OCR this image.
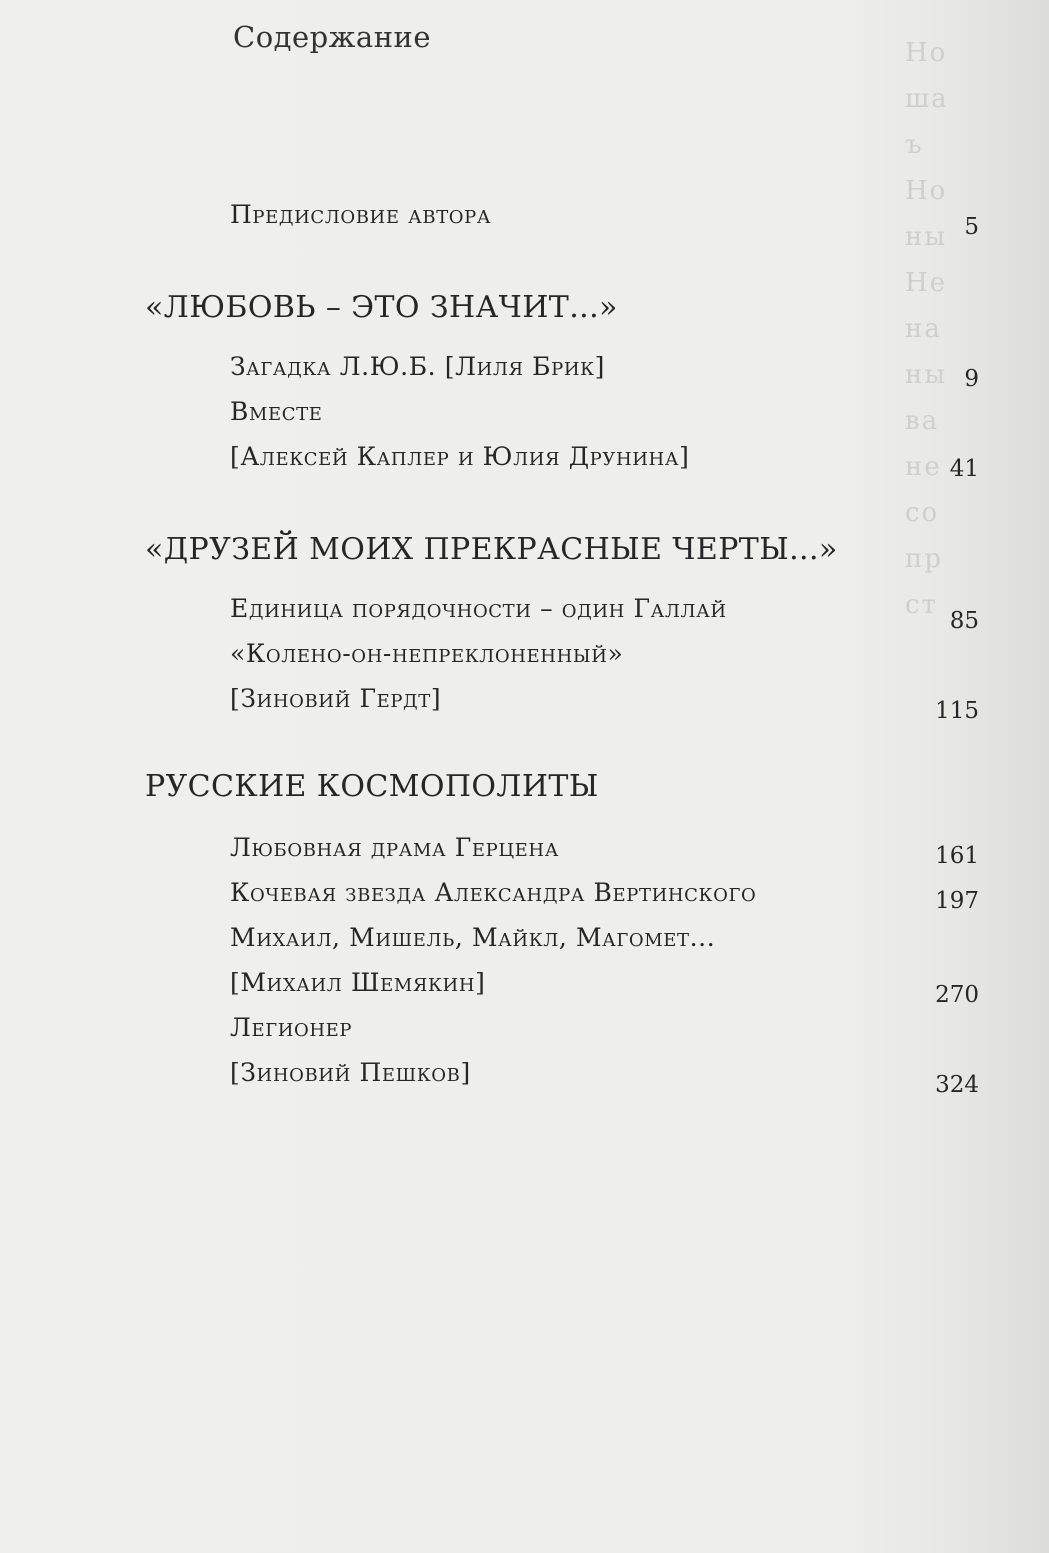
Но
ша
ъ
Но
ны
Не
на
ны
ва
не
со
пр
ст
Содержание
Предисловие автора	5
«ЛЮБОВЬ – ЭТО ЗНАЧИТ...»
Загадка Л.Ю.Б. [Лиля Брик]	9
Вместе
[Алексей Каплер и Юлия Друнина]	41
«ДРУЗЕЙ МОИХ ПРЕКРАСНЫЕ ЧЕРТЫ...»
Единица порядочности – один Галлай	85
«Колено-он-непреклоненный»
[Зиновий Гердт]	115
РУССКИЕ КОСМОПОЛИТЫ
Любовная драма Герцена	161
Кочевая звезда Александра Вертинского	197
Михаил, Мишель, Майкл, Магомет...
[Михаил Шемякин]	270
Легионер
[Зиновий Пешков]	324
